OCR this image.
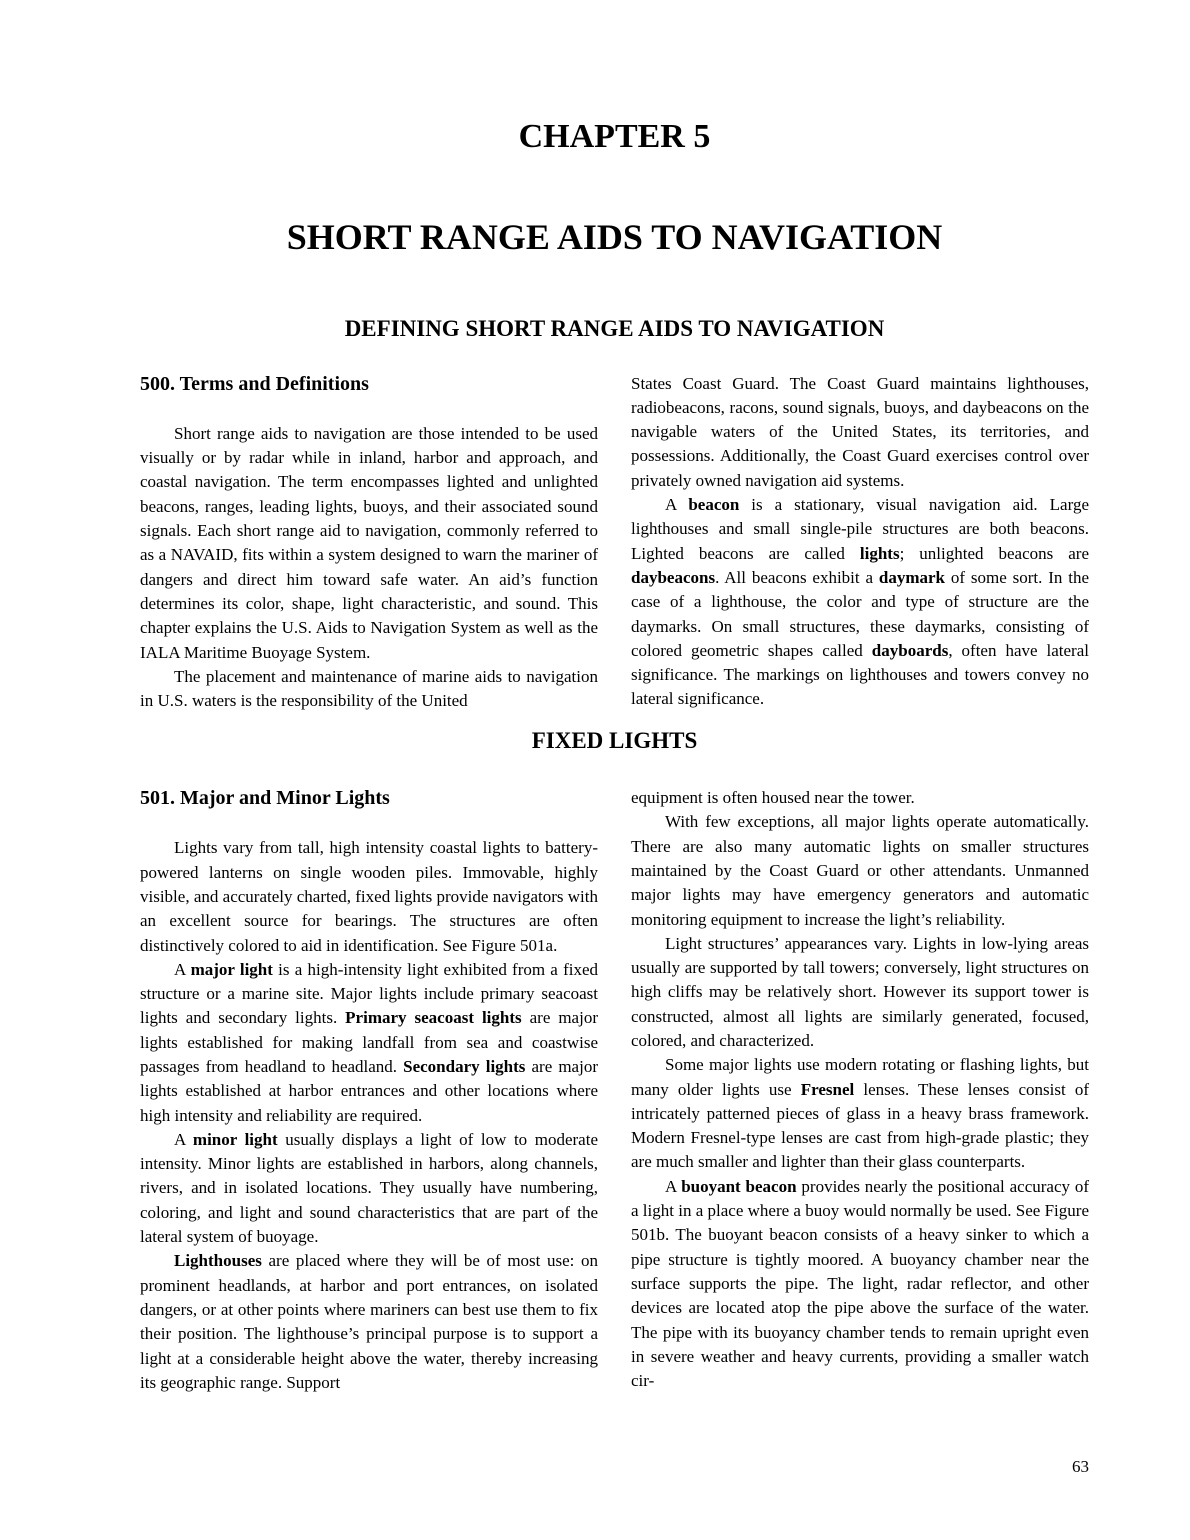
CHAPTER 5
SHORT RANGE AIDS TO NAVIGATION
DEFINING SHORT RANGE AIDS TO NAVIGATION
500. Terms and Definitions

Short range aids to navigation are those intended to be used visually or by radar while in inland, harbor and approach, and coastal navigation. The term encompasses lighted and unlighted beacons, ranges, leading lights, buoys, and their associated sound signals. Each short range aid to navigation, commonly referred to as a NAVAID, fits within a system designed to warn the mariner of dangers and direct him toward safe water. An aid’s function determines its color, shape, light characteristic, and sound. This chapter explains the U.S. Aids to Navigation System as well as the IALA Maritime Buoyage System.

The placement and maintenance of marine aids to navigation in U.S. waters is the responsibility of the United

States Coast Guard. The Coast Guard maintains lighthouses, radiobeacons, racons, sound signals, buoys, and daybeacons on the navigable waters of the United States, its territories, and possessions. Additionally, the Coast Guard exercises control over privately owned navigation aid systems.

A beacon is a stationary, visual navigation aid. Large lighthouses and small single-pile structures are both beacons. Lighted beacons are called lights; unlighted beacons are daybeacons. All beacons exhibit a daymark of some sort. In the case of a lighthouse, the color and type of structure are the daymarks. On small structures, these daymarks, consisting of colored geometric shapes called dayboards, often have lateral significance. The markings on lighthouses and towers convey no lateral significance.

FIXED LIGHTS
501. Major and Minor Lights

Lights vary from tall, high intensity coastal lights to battery-powered lanterns on single wooden piles. Immovable, highly visible, and accurately charted, fixed lights provide navigators with an excellent source for bearings. The structures are often distinctively colored to aid in identification. See Figure 501a.

A major light is a high-intensity light exhibited from a fixed structure or a marine site. Major lights include primary seacoast lights and secondary lights. Primary seacoast lights are major lights established for making landfall from sea and coastwise passages from headland to headland. Secondary lights are major lights established at harbor entrances and other locations where high intensity and reliability are required.

A minor light usually displays a light of low to moderate intensity. Minor lights are established in harbors, along channels, rivers, and in isolated locations. They usually have numbering, coloring, and light and sound characteristics that are part of the lateral system of buoyage.

Lighthouses are placed where they will be of most use: on prominent headlands, at harbor and port entrances, on isolated dangers, or at other points where mariners can best use them to fix their position. The lighthouse’s principal purpose is to support a light at a considerable height above the water, thereby increasing its geographic range. Support

equipment is often housed near the tower.

With few exceptions, all major lights operate automatically. There are also many automatic lights on smaller structures maintained by the Coast Guard or other attendants. Unmanned major lights may have emergency generators and automatic monitoring equipment to increase the light’s reliability.

Light structures’ appearances vary. Lights in low-lying areas usually are supported by tall towers; conversely, light structures on high cliffs may be relatively short. However its support tower is constructed, almost all lights are similarly generated, focused, colored, and characterized.

Some major lights use modern rotating or flashing lights, but many older lights use Fresnel lenses. These lenses consist of intricately patterned pieces of glass in a heavy brass framework. Modern Fresnel-type lenses are cast from high-grade plastic; they are much smaller and lighter than their glass counterparts.

A buoyant beacon provides nearly the positional accuracy of a light in a place where a buoy would normally be used. See Figure 501b. The buoyant beacon consists of a heavy sinker to which a pipe structure is tightly moored. A buoyancy chamber near the surface supports the pipe. The light, radar reflector, and other devices are located atop the pipe above the surface of the water. The pipe with its buoyancy chamber tends to remain upright even in severe weather and heavy currents, providing a smaller watch cir-

63
